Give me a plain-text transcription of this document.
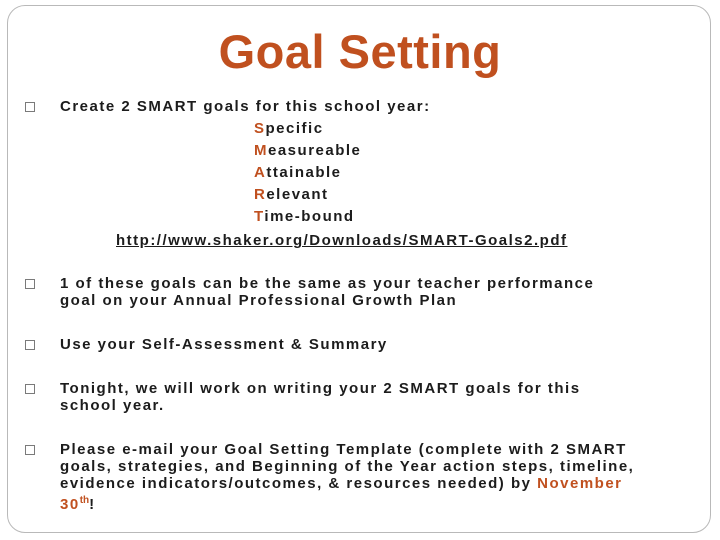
Goal Setting
Create 2 SMART goals for this school year:
Specific
Measureable
Attainable
Relevant
Time-bound
http://www.shaker.org/Downloads/SMART-Goals2.pdf
1 of these goals can be the same as your teacher performance
goal on your Annual Professional Growth Plan
Use your Self-Assessment & Summary
Tonight, we will work on writing your 2 SMART goals for this
school year.
Please e-mail your Goal Setting Template (complete with 2 SMART
goals, strategies, and Beginning of the Year action steps, timeline,
evidence indicators/outcomes, & resources needed) by November
30th!
